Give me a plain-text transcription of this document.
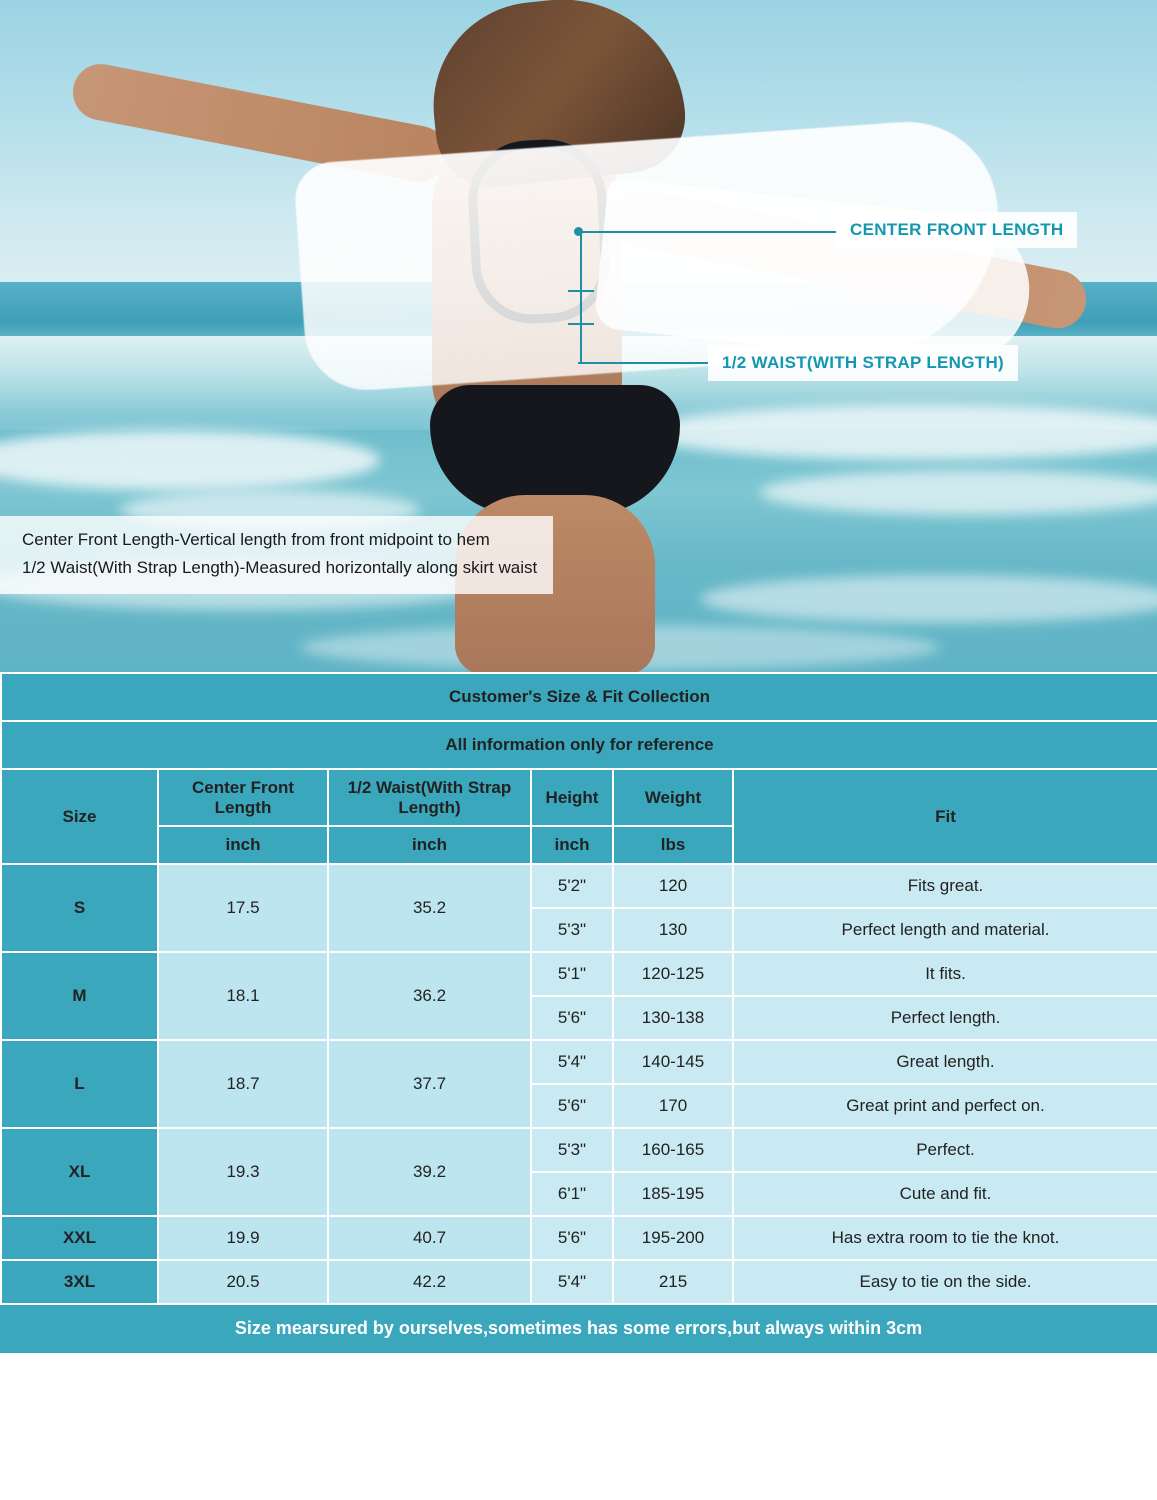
CENTER FRONT LENGTH
1/2 WAIST(WITH STRAP LENGTH)
Center Front Length-Vertical length from front midpoint to hem
1/2 Waist(With Strap Length)-Measured horizontally along skirt waist
Customer's Size & Fit Collection					
All information only for reference					
Size	Center Front Length	1/2 Waist(With Strap Length)	Height	Weight	Fit
	inch	inch	inch	lbs	
S	17.5	35.2	5'2"	120	Fits great.
			5'3"	130	Perfect length and material.
M	18.1	36.2	5'1"	120-125	It fits.
			5'6"	130-138	Perfect length.
L	18.7	37.7	5'4"	140-145	Great length.
			5'6"	170	Great print and perfect on.
XL	19.3	39.2	5'3"	160-165	Perfect.
			6'1"	185-195	Cute and fit.
XXL	19.9	40.7	5'6"	195-200	Has extra room to tie the knot.
3XL	20.5	42.2	5'4"	215	Easy to tie on the side.
Size mearsured by ourselves,sometimes has some errors,but always within 3cm
